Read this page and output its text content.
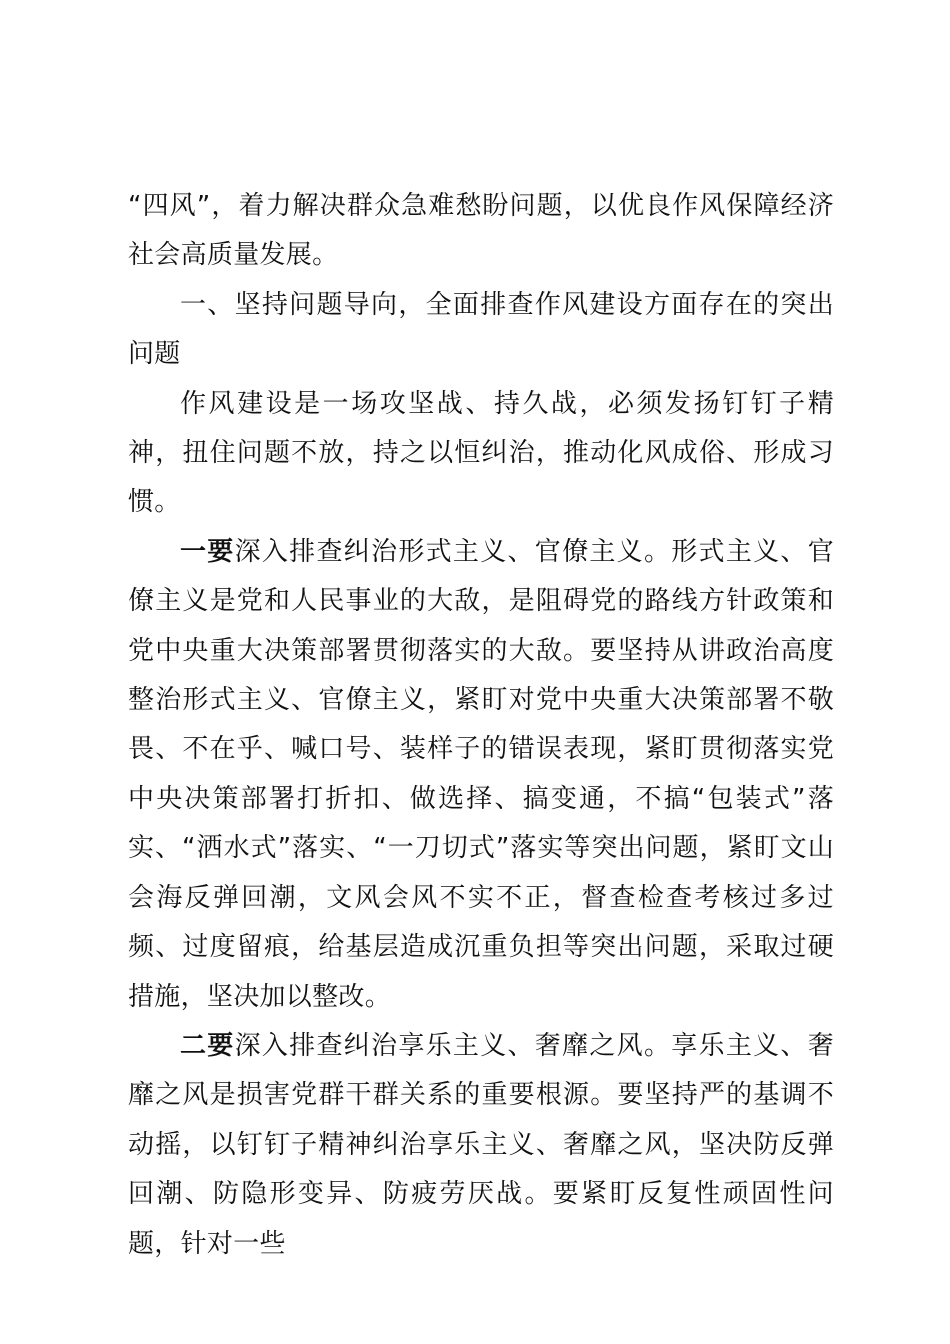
“四风”，着力解决群众急难愁盼问题，以优良作风保障经济社会高质量发展。

一、坚持问题导向，全面排查作风建设方面存在的突出问题

作风建设是一场攻坚战、持久战，必须发扬钉钉子精神，扭住问题不放，持之以恒纠治，推动化风成俗、形成习惯。

一要深入排查纠治形式主义、官僚主义。形式主义、官僚主义是党和人民事业的大敌，是阻碍党的路线方针政策和党中央重大决策部署贯彻落实的大敌。要坚持从讲政治高度整治形式主义、官僚主义，紧盯对党中央重大决策部署不敬畏、不在乎、喊口号、装样子的错误表现，紧盯贯彻落实党中央决策部署打折扣、做选择、搞变通，不搞“包装式”落实、“洒水式”落实、“一刀切式”落实等突出问题，紧盯文山会海反弹回潮，文风会风不实不正，督查检查考核过多过频、过度留痕，给基层造成沉重负担等突出问题，采取过硬措施，坚决加以整改。

二要深入排查纠治享乐主义、奢靡之风。享乐主义、奢靡之风是损害党群干群关系的重要根源。要坚持严的基调不动摇，以钉钉子精神纠治享乐主义、奢靡之风，坚决防反弹回潮、防隐形变异、防疲劳厌战。要紧盯反复性顽固性问题，针对一些
